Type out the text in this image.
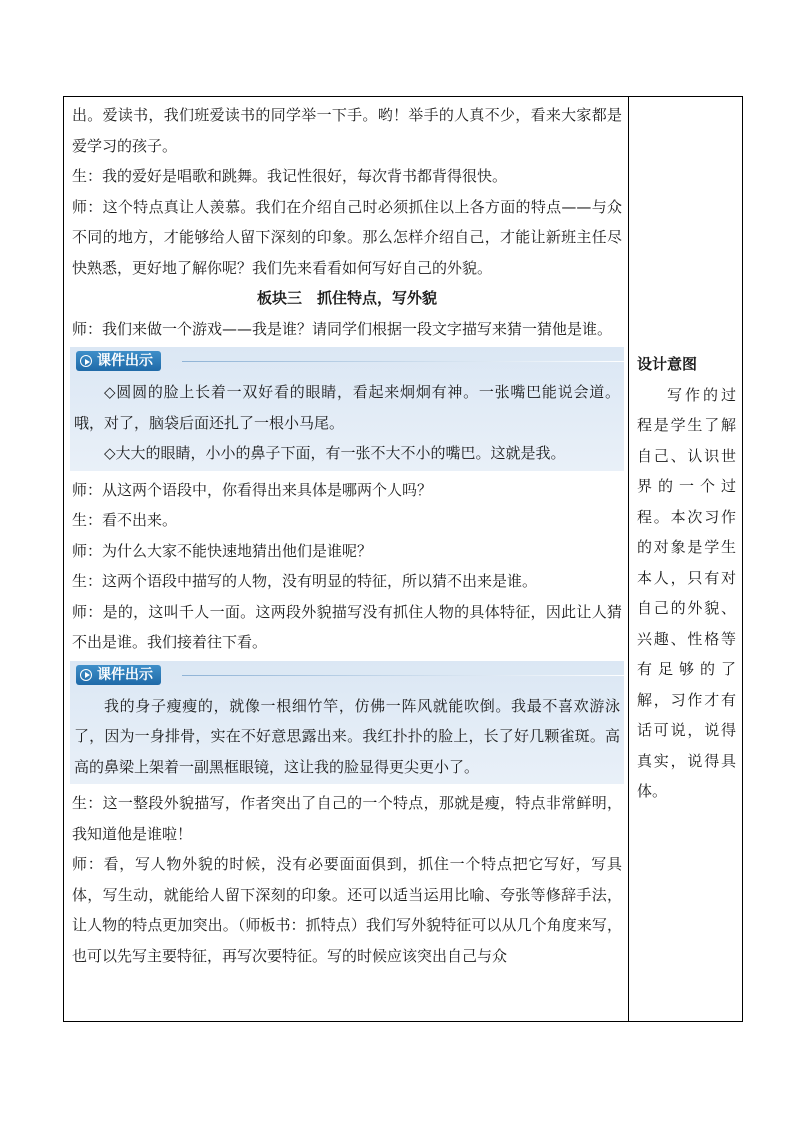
出。爱读书，我们班爱读书的同学举一下手。哟！举手的人真不少，看来大家都是爱学习的孩子。

生：我的爱好是唱歌和跳舞。我记性很好，每次背书都背得很快。

师：这个特点真让人羡慕。我们在介绍自己时必须抓住以上各方面的特点——与众不同的地方，才能够给人留下深刻的印象。那么怎样介绍自己，才能让新班主任尽快熟悉，更好地了解你呢？我们先来看看如何写好自己的外貌。

板块三　抓住特点，写外貌

师：我们来做一个游戏——我是谁？请同学们根据一段文字描写来猜一猜他是谁。

课件出示

◇圆圆的脸上长着一双好看的眼睛，看起来炯炯有神。一张嘴巴能说会道。哦，对了，脑袋后面还扎了一根小马尾。

◇大大的眼睛，小小的鼻子下面，有一张不大不小的嘴巴。这就是我。

师：从这两个语段中，你看得出来具体是哪两个人吗？

生：看不出来。

师：为什么大家不能快速地猜出他们是谁呢？

生：这两个语段中描写的人物，没有明显的特征，所以猜不出来是谁。

师：是的，这叫千人一面。这两段外貌描写没有抓住人物的具体特征，因此让人猜不出是谁。我们接着往下看。

课件出示

我的身子瘦瘦的，就像一根细竹竿，仿佛一阵风就能吹倒。我最不喜欢游泳了，因为一身排骨，实在不好意思露出来。我红扑扑的脸上，长了好几颗雀斑。高高的鼻梁上架着一副黑框眼镜，这让我的脸显得更尖更小了。

生：这一整段外貌描写，作者突出了自己的一个特点，那就是瘦，特点非常鲜明，我知道他是谁啦！

师：看，写人物外貌的时候，没有必要面面俱到，抓住一个特点把它写好，写具体，写生动，就能给人留下深刻的印象。还可以适当运用比喻、夸张等修辞手法，让人物的特点更加突出。（师板书：抓特点）我们写外貌特征可以从几个角度来写，也可以先写主要特征，再写次要特征。写的时候应该突出自己与众

设计意图

写作的过程是学生了解自己、认识世界的一个过程。本次习作的对象是学生本人，只有对自己的外貌、兴趣、性格等有足够的了解，习作才有话可说，说得真实，说得具体。
